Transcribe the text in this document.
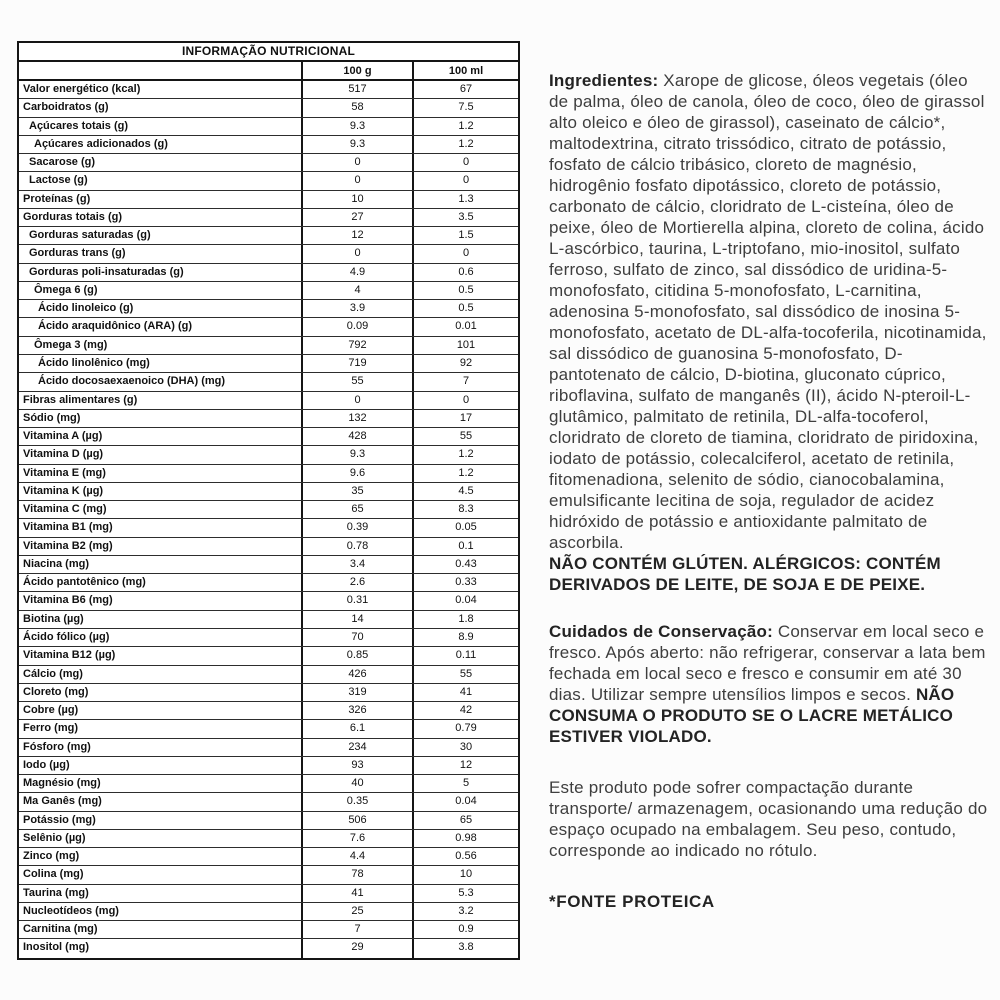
INFORMAÇÃO NUTRICIONAL
100 g	100 ml
Valor energético (kcal)	517	67
Carboidratos (g)	58	7.5
Açúcares totais (g)	9.3	1.2
Açúcares adicionados (g)	9.3	1.2
Sacarose (g)	0	0
Lactose (g)	0	0
Proteínas (g)	10	1.3
Gorduras totais (g)	27	3.5
Gorduras saturadas (g)	12	1.5
Gorduras trans (g)	0	0
Gorduras poli-insaturadas (g)	4.9	0.6
Ômega 6 (g)	4	0.5
Ácido linoleico (g)	3.9	0.5
Ácido araquidônico (ARA) (g)	0.09	0.01
Ômega 3 (mg)	792	101
Ácido linolênico (mg)	719	92
Ácido docosaexaenoico (DHA) (mg)	55	7
Fibras alimentares (g)	0	0
Sódio (mg)	132	17
Vitamina A (µg)	428	55
Vitamina D (µg)	9.3	1.2
Vitamina E (mg)	9.6	1.2
Vitamina K (µg)	35	4.5
Vitamina C (mg)	65	8.3
Vitamina B1 (mg)	0.39	0.05
Vitamina B2 (mg)	0.78	0.1
Niacina (mg)	3.4	0.43
Ácido pantotênico (mg)	2.6	0.33
Vitamina B6 (mg)	0.31	0.04
Biotina (µg)	14	1.8
Ácido fólico (µg)	70	8.9
Vitamina B12 (µg)	0.85	0.11
Cálcio (mg)	426	55
Cloreto (mg)	319	41
Cobre (µg)	326	42
Ferro (mg)	6.1	0.79
Fósforo (mg)	234	30
Iodo (µg)	93	12
Magnésio (mg)	40	5
Ma Ganês (mg)	0.35	0.04
Potássio (mg)	506	65
Selênio (µg)	7.6	0.98
Zinco (mg)	4.4	0.56
Colina (mg)	78	10
Taurina (mg)	41	5.3
Nucleotídeos (mg)	25	3.2
Carnitina (mg)	7	0.9
Inositol (mg)	29	3.8

Ingredientes: Xarope de glicose, óleos vegetais (óleo de palma, óleo de canola, óleo de coco, óleo de girassol alto oleico e óleo de girassol), caseinato de cálcio*, maltodextrina, citrato trissódico, citrato de potássio, fosfato de cálcio tribásico, cloreto de magnésio, hidrogênio fosfato dipotássico, cloreto de potássio, carbonato de cálcio, cloridrato de L-cisteína, óleo de peixe, óleo de Mortierella alpina, cloreto de colina, ácido L-ascórbico, taurina, L-triptofano, mio-inositol, sulfato ferroso, sulfato de zinco, sal dissódico de uridina-5-monofosfato, citidina 5-monofosfato, L-carnitina, adenosina 5-monofosfato, sal dissódico de inosina 5-monofosfato, acetato de DL-alfa-tocoferila, nicotinamida, sal dissódico de guanosina 5-monofosfato, D-pantotenato de cálcio, D-biotina, gluconato cúprico, riboflavina, sulfato de manganês (II), ácido N-pteroil-L-glutâmico, palmitato de retinila, DL-alfa-tocoferol, cloridrato de cloreto de tiamina, cloridrato de piridoxina, iodato de potássio, colecalciferol, acetato de retinila, fitomenadiona, selenito de sódio, cianocobalamina, emulsificante lecitina de soja, regulador de acidez hidróxido de potássio e antioxidante palmitato de ascorbila.
NÃO CONTÉM GLÚTEN. ALÉRGICOS: CONTÉM DERIVADOS DE LEITE, DE SOJA E DE PEIXE.

Cuidados de Conservação: Conservar em local seco e fresco. Após aberto: não refrigerar, conservar a lata bem fechada em local seco e fresco e consumir em até 30 dias. Utilizar sempre utensílios limpos e secos. NÃO CONSUMA O PRODUTO SE O LACRE METÁLICO ESTIVER VIOLADO.

Este produto pode sofrer compactação durante transporte/ armazenagem, ocasionando uma redução do espaço ocupado na embalagem. Seu peso, contudo, corresponde ao indicado no rótulo.

*FONTE PROTEICA
